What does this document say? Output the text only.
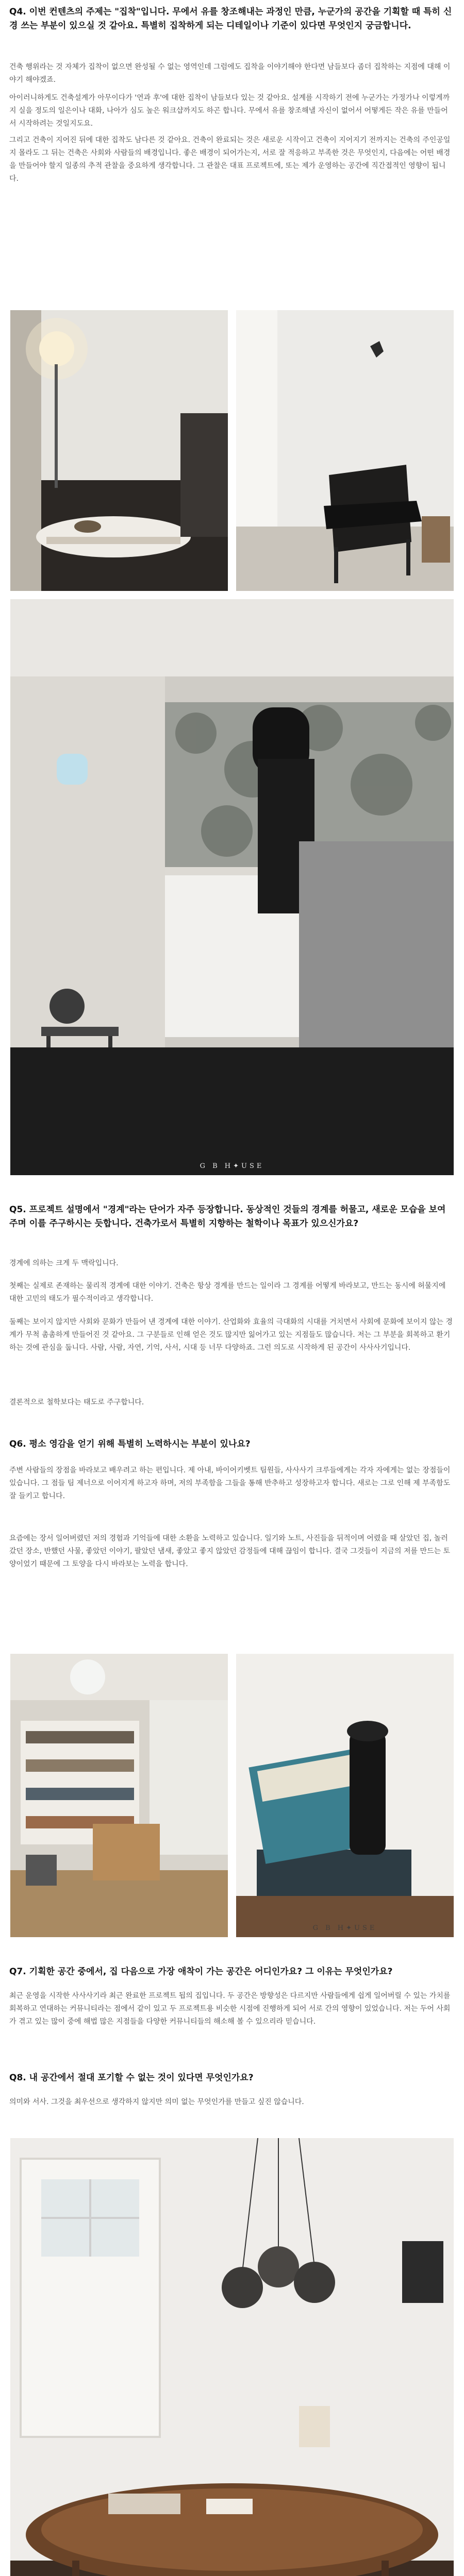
Q4. 이번 컨텐츠의 주제는 "집착"입니다. 무에서 유를 창조해내는 과정인 만큼, 누군가의 공간을 기획할 때 특히 신경 쓰는 부분이 있으실 것 같아요. 특별히 집착하게 되는 디테일이나 기준이 있다면 무엇인지 궁금합니다.

건축 행위라는 것 자체가 집착이 없으면 완성될 수 없는 영역인데 그럼에도 집착을 이야기해야 한다면 남들보다 좀더 집착하는 지점에 대해 이야기 해야겠죠.

아이러니하게도 건축설계가 아무이다가 '연과 후'에 대한 집착이 남들보다 있는 것 같아요. 설계를 시작하기 전에 누군가는 가정가나 이렇게까지 실을 정도의 일은이나 대화, 나아가 심도 높은 워크샵까지도 하곤 합니다. 무에서 유를 창조해낼 자신이 없어서 어떻게든 작은 유를 만들어서 시작하려는 것일지도요.

그리고 건축이 지어진 뒤에 대한 집착도 남다른 것 같아요. 건축이 완료되는 것은 새로운 시작이고 건축이 지어지기 전까지는 건축의 주인공일지 몰라도 그 뒤는 건축은 사회와 사람들의 배경입니다. 좋은 배경이 되어가는지, 서로 잘 적응하고 부족한 것은 무엇인지, 다음에는 어떤 배경을 만들어야 할지 일종의 추적 관찰을 중요하게 생각합니다. 그 관찰은 대표 프로젝트에, 또는 제가 운영하는 공간에 직간접적인 영향이 됩니다.

G B H✦USE

Q5. 프로젝트 설명에서 "경계"라는 단어가 자주 등장합니다. 동상적인 것들의 경계를 허물고, 새로운 모습을 보여주며 이를 주구하시는 듯합니다. 건축가로서 특별히 지향하는 철학이나 목표가 있으신가요?

경계에 의하는 크게 두 맥락입니다.

첫째는 실제로 존재하는 물리적 경계에 대한 이야기. 건축은 항상 경계를 만드는 일이라 그 경계를 어떻게 바라보고, 만드는 동시에 허물지에 대한 고민의 태도가 필수적이라고 생각합니다.

둘째는 보이지 않지만 사회와 문화가 만들어 낸 경계에 대한 이야기. 산업화와 효율의 극대화의 시대를 거치면서 사회에 문화에 보이지 않는 경계가 무척 촘촘하게 만들어진 것 같아요. 그 구분들로 인해 얻은 것도 많지만 잃어가고 있는 지점들도 많습니다. 저는 그 부분을 회복하고 환기하는 것에 관심을 둡니다. 사람, 사람, 자연, 기억, 사서, 시대 등 너무 다양하죠. 그런 의도로 시작하게 된 공간이 사사사기입니다.

결론적으로 철학보다는 태도로 주구합니다.

Q6. 평소 영감을 얻기 위해 특별히 노력하시는 부분이 있나요?

주변 사람들의 장점을 바라보고 배우려고 하는 편입니다. 제 아내, 바이어키벳트 팀원들, 사사사기 크루들에게는 각자 자에게는 없는 장점들이 있습니다. 그 점들 팀 제너으로 이어지게 하고자 하며, 저의 부족함을 그들을 통해 반추하고 성장하고자 합니다. 새로는 그로 인해 제 부족함도 잘 들키고 합니다.

요즘에는 장서 일어버렸던 저의 경험과 기억들에 대한 소환을 노력하고 있습니다. 일기와 노트, 사진들을 뒤적이며 어렸을 때 살았던 집, 놀러갔던 장소, 반했던 사물, 좋았던 이야기, 팔았던 냄새, 좋았고 좋지 않았던 감정들에 대해 끊임이 합니다. 결국 그것들이 지금의 저를 만드는 토양이었기 때문에 그 토양을 다시 바라보는 노력을 합니다.

G B H✦USE

Q7. 기획한 공간 중에서, 집 다음으로 가장 애착이 가는 공간은 어디인가요? 그 이유는 무엇인가요?

최근 운영을 시작한 사사사기라 최근 완료한 프로젝트 됩의 집입니다. 두 공간은 방향성은 다르지만 사람들에게 쉽게 일어버릴 수 있는 가치를 회복하고 연대하는 커뮤니티라는 점에서 같이 있고 두 프로젝트용 비슷한 시점에 진행하게 되어 서로 간의 영향이 있었습니다. 저는 두어 사회가 겪고 있는 많이 중에 해법 많은 지점들을 다양한 커뮤니티들의 해소해 볼 수 있으리라 믿습니다.

Q8. 내 공간에서 절대 포기할 수 없는 것이 있다면 무엇인가요?

의미와 서사. 그것을 최우선으로 생각하지 않지만 의미 없는 무엇인가를 만들고 싶진 않습니다.
